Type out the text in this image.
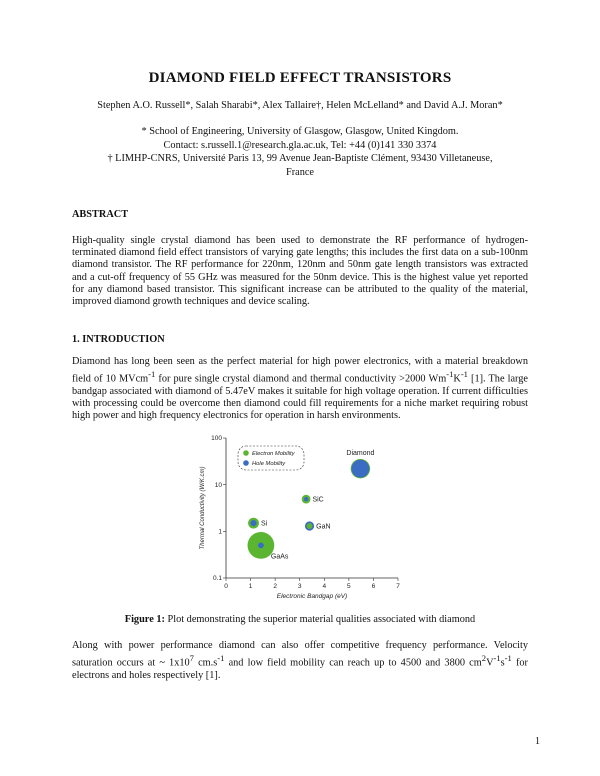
DIAMOND FIELD EFFECT TRANSISTORS
Stephen A.O. Russell*, Salah Sharabi*, Alex Tallaire†, Helen McLelland* and David A.J. Moran*
* School of Engineering, University of Glasgow, Glasgow, United Kingdom.
Contact: s.russell.1@research.gla.ac.uk, Tel: +44 (0)141 330 3374
† LIMHP-CNRS, Université Paris 13, 99 Avenue Jean-Baptiste Clément, 93430 Villetaneuse,
France
ABSTRACT

High-quality single crystal diamond has been used to demonstrate the RF performance of hydrogen-terminated diamond field effect transistors of varying gate lengths; this includes the first data on a sub-100nm diamond transistor. The RF performance for 220nm, 120nm and 50nm gate length transistors was extracted and a cut-off frequency of 55 GHz was measured for the 50nm device. This is the highest value yet reported for any diamond based transistor. This significant increase can be attributed to the quality of the material, improved diamond growth techniques and device scaling.

1. INTRODUCTION

Diamond has long been seen as the perfect material for high power electronics, with a material breakdown field of 10 MVcm$^{-1}$ for pure single crystal diamond and thermal conductivity >2000 $Wm^{-1}K^{-1}$ [1]. The large bandgap associated with diamond of 5.47eV makes it suitable for high voltage operation. If current difficulties with processing could be overcome then diamond could fill requirements for a niche market requiring robust high power and high frequency electronics for operation in harsh environments.

0	1	2	3	4	5	6	7
0.1
1
10
100
Electronic Bandgap (eV)
Thermal Conductivity (W/K.cm)
Electron Mobility
Hole Mobility
Si
GaAs
SiC
GaN
Diamond
Figure 1: Plot demonstrating the superior material qualities associated with diamond

Along with power performance diamond can also offer competitive frequency performance. Velocity saturation occurs at ~ $1x10^7$ $cm.s^{-1}$ and low field mobility can reach up to 4500 and 3800 $cm^2V^{-1}s^{-1}$ for electrons and holes respectively [1].

1
